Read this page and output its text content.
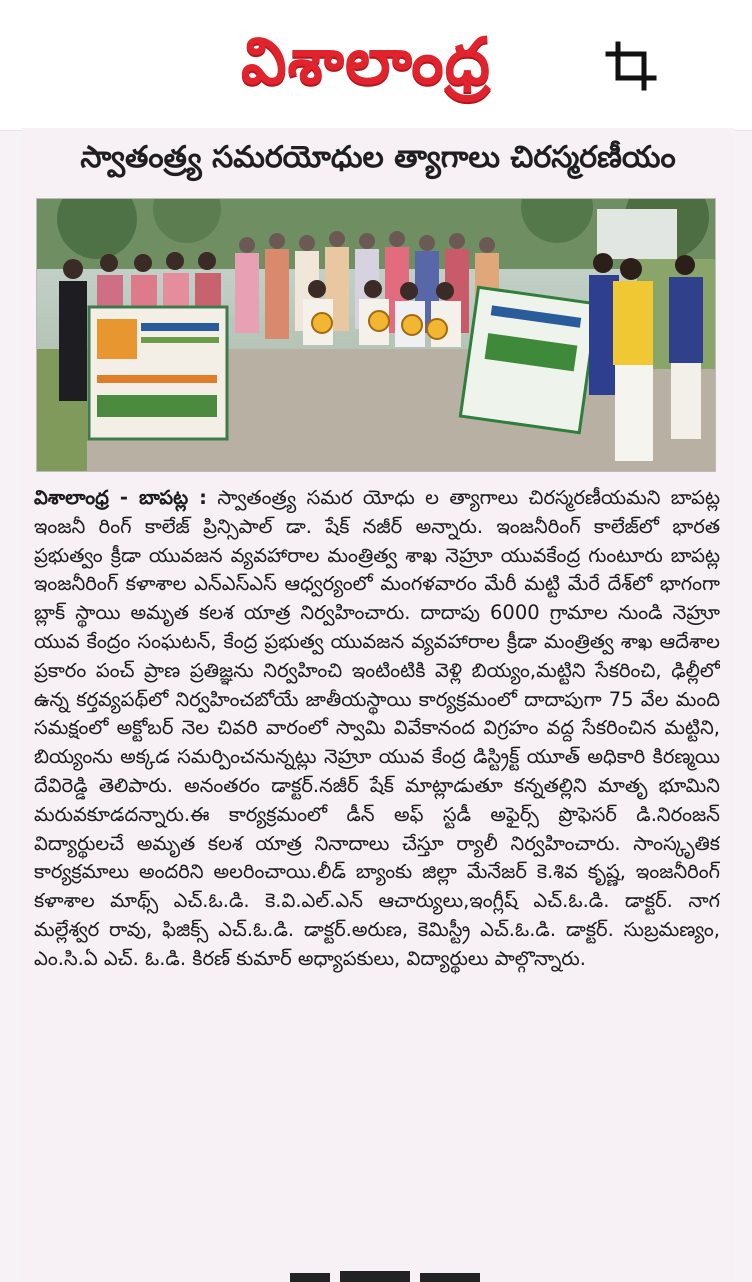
విశాలాంధ్ర
స్వాతంత్ర్య సమరయోధుల త్యాగాలు చిరస్మరణీయం
విశాలాంధ్ర - బాపట్ల : స్వాతంత్ర్య సమర యోధు ల త్యాగాలు చిరస్మరణీయమని బాపట్ల ఇంజనీ రింగ్ కాలేజ్ ప్రిన్సిపాల్ డా. షేక్ నజీర్ అన్నారు. ఇంజనీరింగ్ కాలేజ్‌లో భారత ప్రభుత్వం క్రీడా యువజన వ్యవహారాల మంత్రిత్వ శాఖ నెహ్రూ యువకేంద్ర గుంటూరు బాపట్ల ఇంజనీరింగ్ కళాశాల ఎన్ఎస్ఎస్ ఆధ్వర్యంలో మంగళవారం మేరీ మట్టి మేరే దేశ్‌లో భాగంగా బ్లాక్ స్థాయి అమృత కలశ యాత్ర నిర్వహించారు. దాదాపు 6000 గ్రామాల నుండి నెహ్రూ యువ కేంద్రం సంఘటన్, కేంద్ర ప్రభుత్వ యువజన వ్యవహారాల క్రీడా మంత్రిత్వ శాఖ ఆదేశాల ప్రకారం పంచ్ ప్రాణ ప్రతిజ్ఞను నిర్వహించి ఇంటింటికి వెళ్లి బియ్యం,మట్టిని సేకరించి, ఢిల్లీలో ఉన్న కర్తవ్యపథ్‌లో నిర్వహించబోయే జాతీయస్థాయి కార్యక్రమంలో దాదాపుగా 75 వేల మంది సమక్షంలో అక్టోబర్ నెల చివరి వారంలో స్వామి వివేకానంద విగ్రహం వద్ద సేకరించిన మట్టిని, బియ్యంను అక్కడ సమర్పించనున్నట్లు నెహ్రూ యువ కేంద్ర డిస్ట్రిక్ట్ యూత్ అధికారి కిరణ్మయి దేవిరెడ్డి తెలిపారు. అనంతరం డాక్టర్.నజీర్ షేక్ మాట్లాడుతూ కన్నతల్లిని మాతృ భూమిని మరువకూడదన్నారు.ఈ కార్యక్రమంలో డీన్ అఫ్ స్టడీ అఫైర్స్ ప్రొఫెసర్ డి.నిరంజన్ విద్యార్థులచే అమృత కలశ యాత్ర నినాదాలు చేస్తూ ర్యాలీ నిర్వహించారు. సాంస్కృతిక కార్యక్రమాలు అందరిని అలరించాయి.లీడ్ బ్యాంకు జిల్లా మేనేజర్ కె.శివ కృష్ణ, ఇంజనీరింగ్ కళాశాల మాథ్స్ ఎచ్.ఓ.డి. కె.వి.ఎల్.ఎన్ ఆచార్యులు,ఇంగ్లీష్ ఎచ్.ఓ.డి. డాక్టర్. నాగ మల్లేశ్వర రావు, ఫిజిక్స్ ఎచ్.ఓ.డి. డాక్టర్.అరుణ, కెమిస్ట్రీ ఎచ్.ఓ.డి. డాక్టర్. సుబ్రమణ్యం, ఎం.సి.ఏ ఎచ్. ఓ.డి. కిరణ్ కుమార్ అధ్యాపకులు, విద్యార్థులు పాల్గొన్నారు.
